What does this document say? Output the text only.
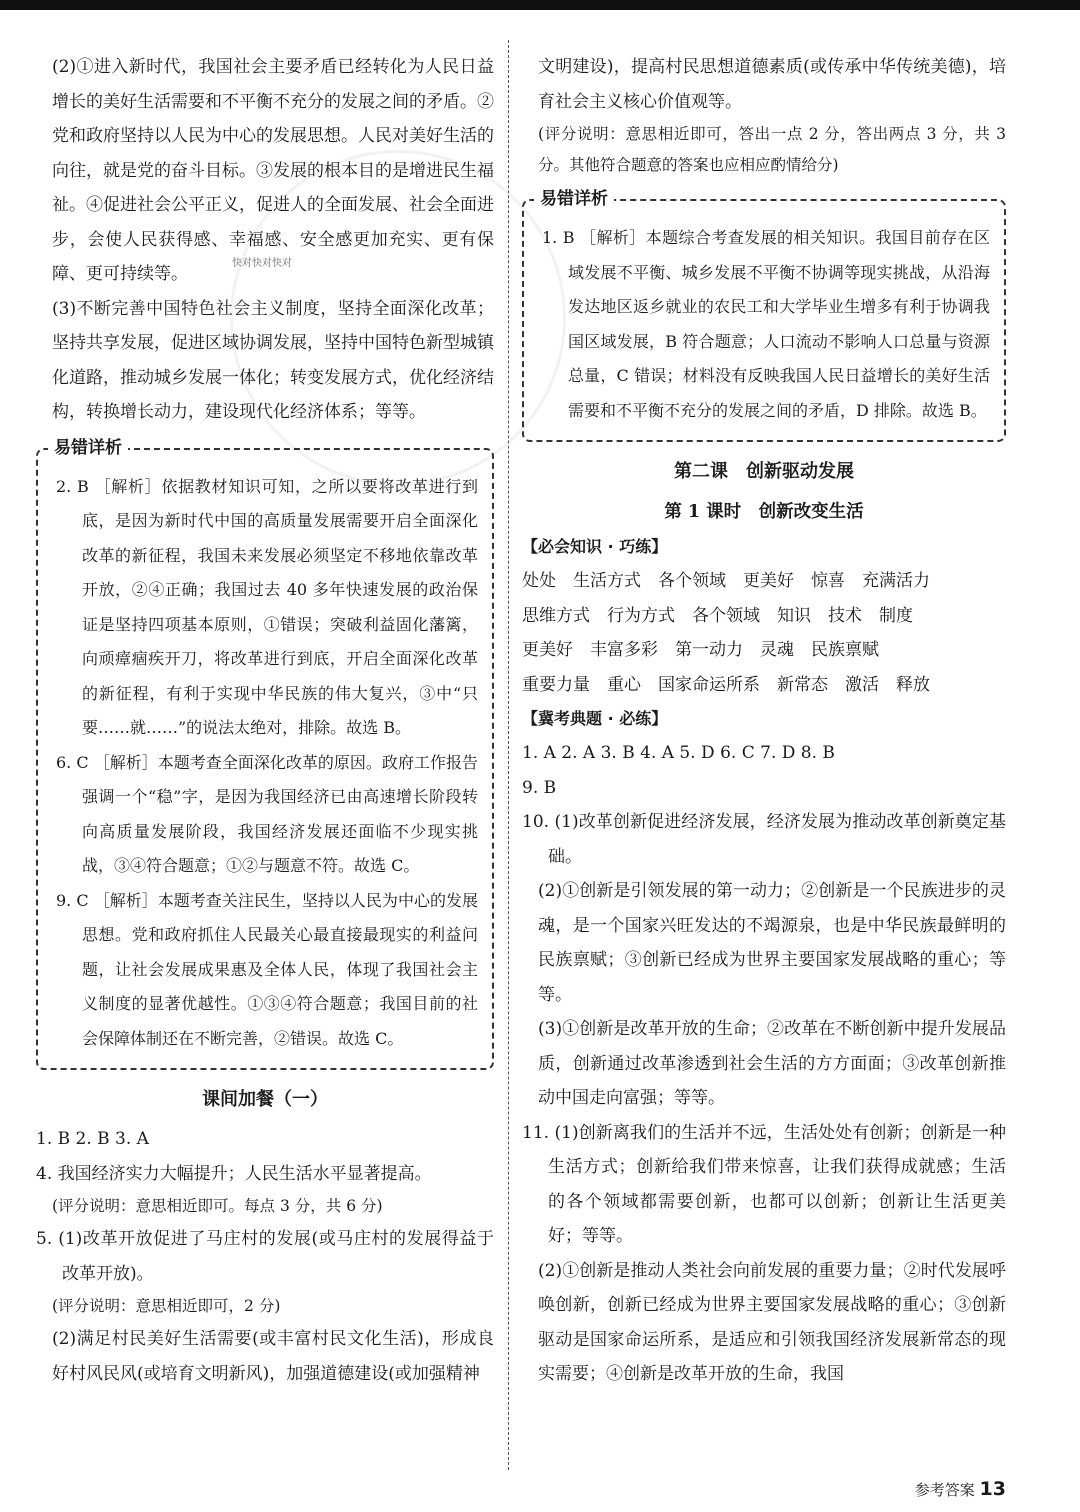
快对快对快对

(2)①进入新时代，我国社会主要矛盾已经转化为人民日益增长的美好生活需要和不平衡不充分的发展之间的矛盾。②党和政府坚持以人民为中心的发展思想。人民对美好生活的向往，就是党的奋斗目标。③发展的根本目的是增进民生福祉。④促进社会公平正义，促进人的全面发展、社会全面进步，会使人民获得感、幸福感、安全感更加充实、更有保障、更可持续等。

(3)不断完善中国特色社会主义制度，坚持全面深化改革；坚持共享发展，促进区域协调发展，坚持中国特色新型城镇化道路，推动城乡发展一体化；转变发展方式，优化经济结构，转换增长动力，建设现代化经济体系；等等。

易错详析

2. B ［解析］依据教材知识可知，之所以要将改革进行到底，是因为新时代中国的高质量发展需要开启全面深化改革的新征程，我国未来发展必须坚定不移地依靠改革开放，②④正确；我国过去 40 多年快速发展的政治保证是坚持四项基本原则，①错误；突破利益固化藩篱，向顽瘴痼疾开刀，将改革进行到底，开启全面深化改革的新征程，有利于实现中华民族的伟大复兴，③中“只要……就……”的说法太绝对，排除。故选 B。

6. C ［解析］本题考查全面深化改革的原因。政府工作报告强调一个“稳”字，是因为我国经济已由高速增长阶段转向高质量发展阶段，我国经济发展还面临不少现实挑战，③④符合题意；①②与题意不符。故选 C。

9. C ［解析］本题考查关注民生，坚持以人民为中心的发展思想。党和政府抓住人民最关心最直接最现实的利益问题，让社会发展成果惠及全体人民，体现了我国社会主义制度的显著优越性。①③④符合题意；我国目前的社会保障体制还在不断完善，②错误。故选 C。

课间加餐（一）

1. B 2. B 3. A

4. 我国经济实力大幅提升；人民生活水平显著提高。

(评分说明：意思相近即可。每点 3 分，共 6 分)

5. (1)改革开放促进了马庄村的发展(或马庄村的发展得益于改革开放)。

(评分说明：意思相近即可，2 分)

(2)满足村民美好生活需要(或丰富村民文化生活)，形成良好村风民风(或培育文明新风)，加强道德建设(或加强精神

文明建设)，提高村民思想道德素质(或传承中华传统美德)，培育社会主义核心价值观等。

(评分说明：意思相近即可，答出一点 2 分，答出两点 3 分，共 3 分。其他符合题意的答案也应相应酌情给分)

易错详析

1. B ［解析］本题综合考查发展的相关知识。我国目前存在区域发展不平衡、城乡发展不平衡不协调等现实挑战，从沿海发达地区返乡就业的农民工和大学毕业生增多有利于协调我国区域发展，B 符合题意；人口流动不影响人口总量与资源总量，C 错误；材料没有反映我国人民日益增长的美好生活需要和不平衡不充分的发展之间的矛盾，D 排除。故选 B。

第二课　创新驱动发展

第 1 课时　创新改变生活

【必会知识 · 巧练】

处处　生活方式　各个领域　更美好　惊喜　充满活力

思维方式　行为方式　各个领域　知识　技术　制度

更美好　丰富多彩　第一动力　灵魂　民族禀赋

重要力量　重心　国家命运所系　新常态　激活　释放

【冀考典题 · 必练】

1. A 2. A 3. B 4. A 5. D 6. C 7. D 8. B

9. B

10. (1)改革创新促进经济发展，经济发展为推动改革创新奠定基础。

(2)①创新是引领发展的第一动力；②创新是一个民族进步的灵魂，是一个国家兴旺发达的不竭源泉，也是中华民族最鲜明的民族禀赋；③创新已经成为世界主要国家发展战略的重心；等等。

(3)①创新是改革开放的生命；②改革在不断创新中提升发展品质，创新通过改革渗透到社会生活的方方面面；③改革创新推动中国走向富强；等等。

11. (1)创新离我们的生活并不远，生活处处有创新；创新是一种生活方式；创新给我们带来惊喜，让我们获得成就感；生活的各个领域都需要创新，也都可以创新；创新让生活更美好；等等。

(2)①创新是推动人类社会向前发展的重要力量；②时代发展呼唤创新，创新已经成为世界主要国家发展战略的重心；③创新驱动是国家命运所系，是适应和引领我国经济发展新常态的现实需要；④创新是改革开放的生命，我国

参考答案 13
